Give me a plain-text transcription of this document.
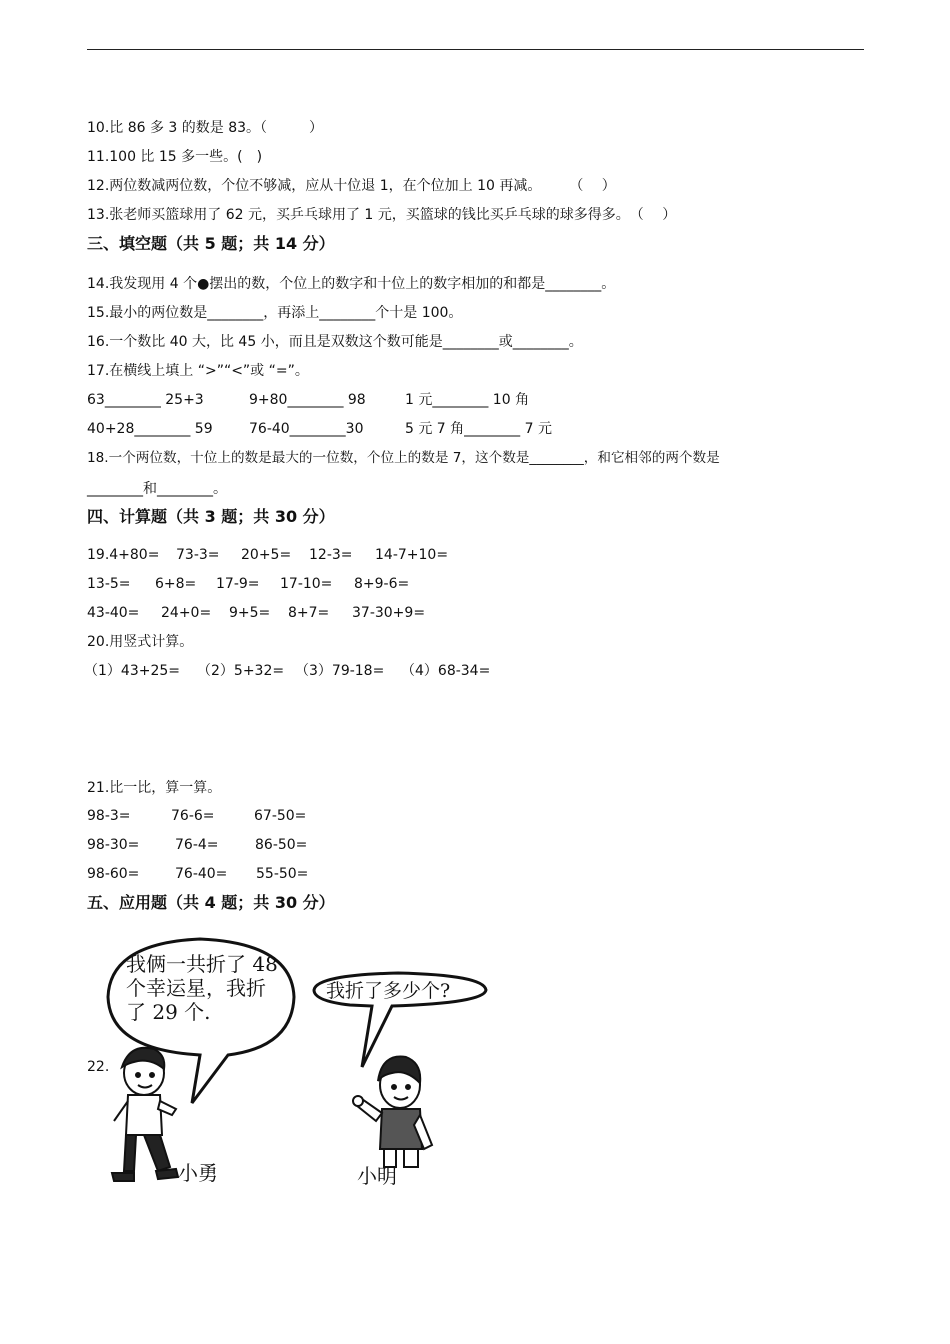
10.比 86 多 3 的数是 83。（　　　）
11.100 比 15 多一些。(　)
12.两位数减两位数，个位不够减，应从十位退 1，在个位加上 10 再减。　　　（　 ）
13.张老师买篮球用了 62 元，买乒乓球用了 1 元，买篮球的钱比买乒乓球的球多得多。　（　 ）
三、填空题（共 5 题；共 14 分）
14.我发现用 4 个●摆出的数，个位上的数字和十位上的数字相加的和都是________。
15.最小的两位数是________，再添上________个十是 100。
16.一个数比 40 大，比 45 小，而且是双数这个数可能是________或________。
17.在横线上填上 “>”“<”或 “=”。
63________ 25+3	9+80________ 98	1 元________ 10 角
40+28________ 59	76-40________30	5 元 7 角________ 7 元
18.一个两位数，十位上的数是最大的一位数，个位上的数是 7，这个数是________，和它相邻的两个数是
________和________。
四、计算题（共 3 题；共 30 分）
19.4+80= 73-3= 20+5= 12-3= 14-7+10=
13-5= 6+8= 17-9= 17-10= 8+9-6=
43-40= 24+0= 9+5= 8+7= 37-30+9=
20.用竖式计算。
（1）43+25= （2）5+32= （3）79-18= （4）68-34=
21.比一比，算一算。
98-3=	76-6=	67-50=
98-30=	76-4=	86-50=
98-60=	76-40= 55-50=
五、应用题（共 4 题；共 30 分）
22.
我俩一共折了 48
个幸运星，我折
了 29 个.
我折了多少个?
小勇	小明
